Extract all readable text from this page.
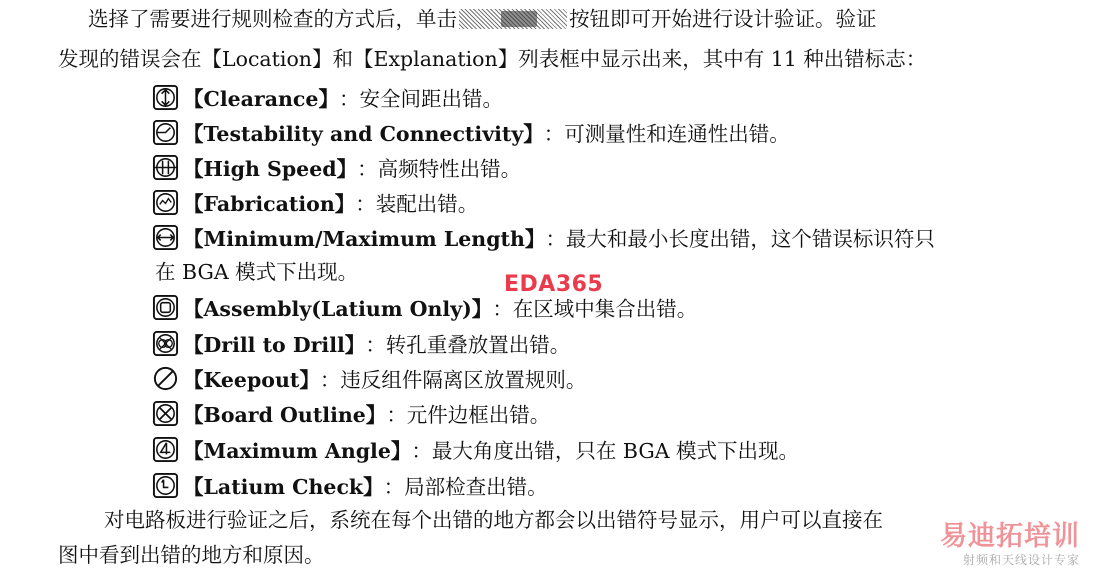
选择了需要进行规则检查的方式后，单击	按钮即可开始进行设计验证。验证
发现的错误会在【Location】和【Explanation】列表框中显示出来，其中有 11 种出错标志：
【Clearance】 ：安全间距出错。
【Testability and Connectivity】 ：可测量性和连通性出错。
【High Speed】 ：高频特性出错。
【Fabrication】 ：装配出错。
【Minimum/Maximum Length】 ：最大和最小长度出错，这个错误标识符只
在 BGA 模式下出现。
【Assembly(Latium Only)】 ：在区域中集合出错。
【Drill to Drill】 ：转孔重叠放置出错。
【Keepout】 ：违反组件隔离区放置规则。
【Board Outline】 ：元件边框出错。
【Maximum Angle】 ：最大角度出错，只在 BGA 模式下出现。
【Latium Check】 ：局部检查出错。
对电路板进行验证之后，系统在每个出错的地方都会以出错符号显示，用户可以直接在
图中看到出错的地方和原因。
EDA365
易迪拓培训
射频和天线设计专家
